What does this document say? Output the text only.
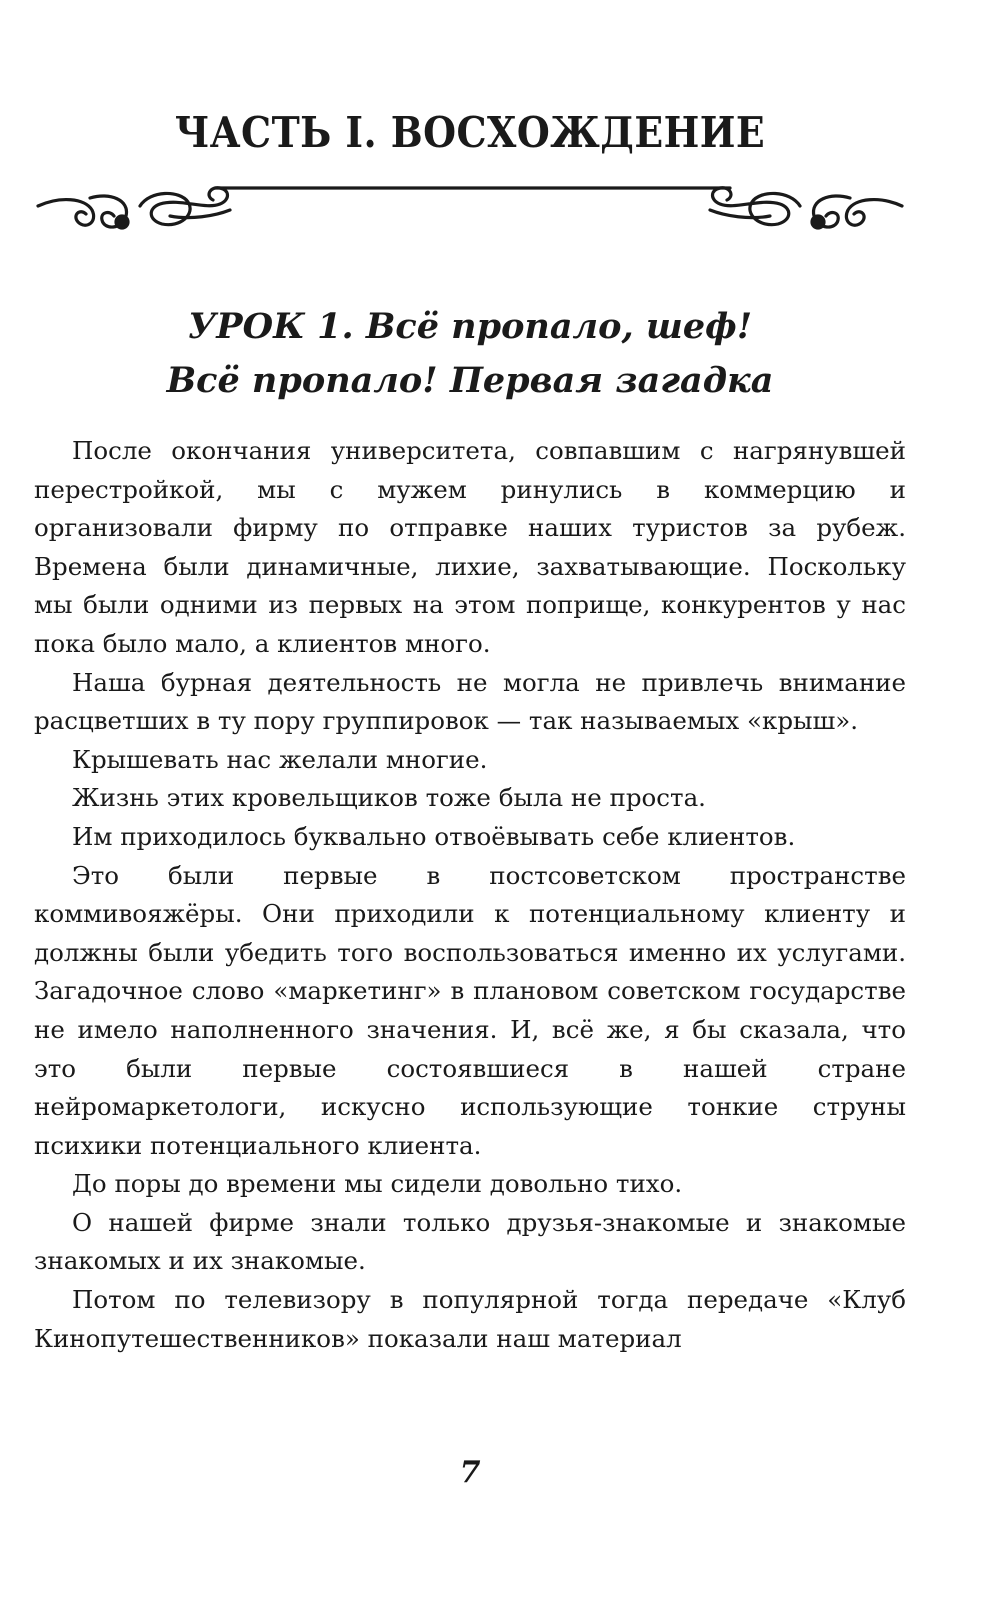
ЧАСТЬ I. ВОСХОЖДЕНИЕ
УРОК 1. Всё пропало, шеф!
Всё пропало! Первая загадка

После окончания университета, совпавшим с нагрянувшей перестройкой, мы с мужем ринулись в коммерцию и организовали фирму по отправке наших туристов за рубеж. Времена были динамичные, лихие, захватывающие. Поскольку мы были одними из первых на этом поприще, конкурентов у нас пока было мало, а клиентов много.

Наша бурная деятельность не могла не привлечь внимание расцветших в ту пору группировок — так называемых «крыш».

Крышевать нас желали многие.

Жизнь этих кровельщиков тоже была не проста.

Им приходилось буквально отвоёвывать себе клиентов.

Это были первые в постсоветском пространстве коммивояжёры. Они приходили к потенциальному клиенту и должны были убедить того воспользоваться именно их услугами. Загадочное слово «маркетинг» в плановом советском государстве не имело наполненного значения. И, всё же, я бы сказала, что это были первые состоявшиеся в нашей стране нейромаркетологи, искусно использующие тонкие струны психики потенциального клиента.

До поры до времени мы сидели довольно тихо.

О нашей фирме знали только друзья-знакомые и знакомые знакомых и их знакомые.

Потом по телевизору в популярной тогда передаче «Клуб Кинопутешественников» показали наш материал

7
